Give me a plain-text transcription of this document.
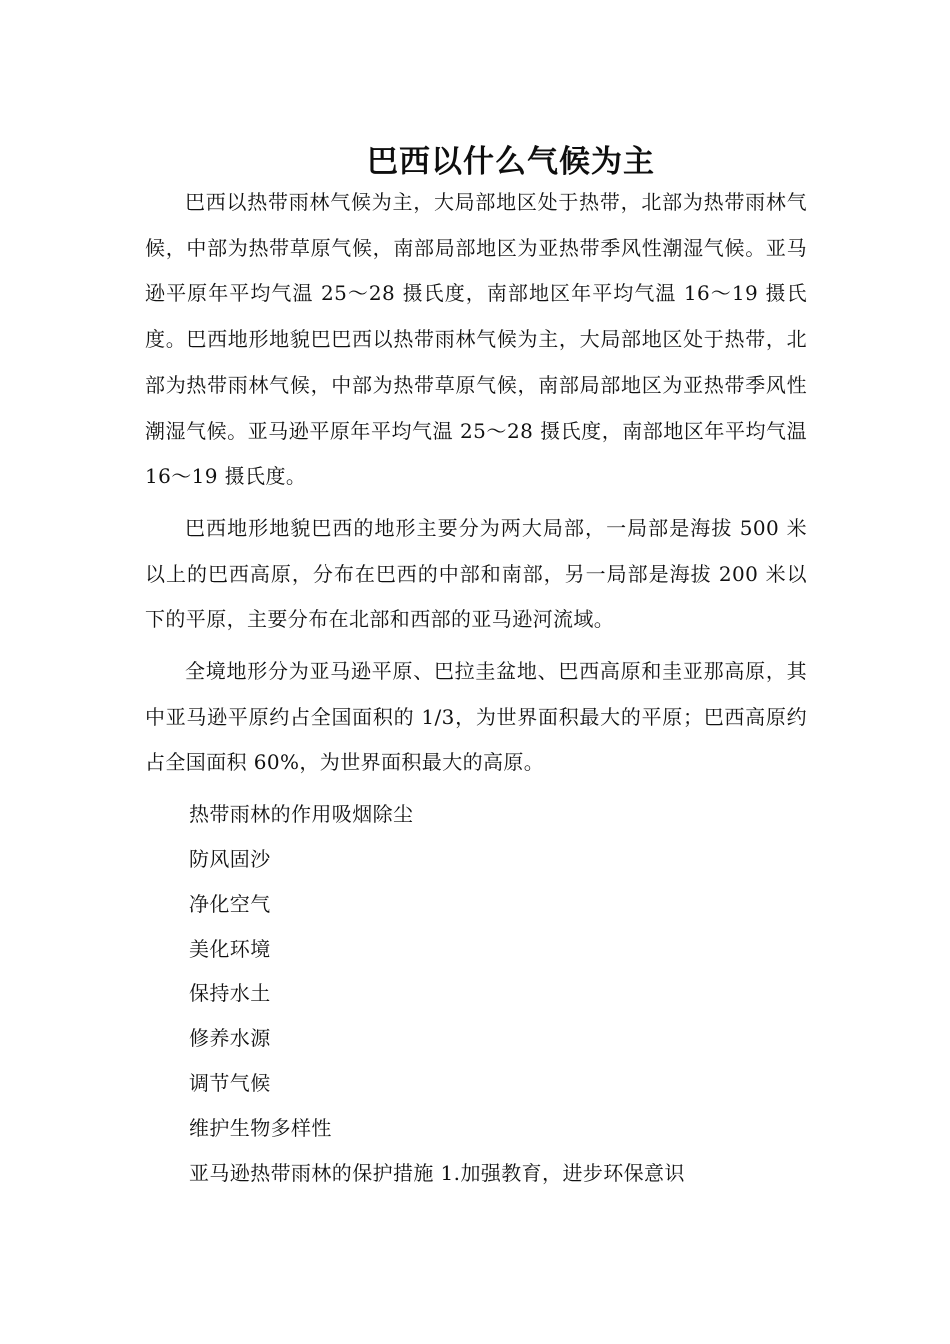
巴西以什么气候为主

巴西以热带雨林气候为主，大局部地区处于热带，北部为热带雨林气候，中部为热带草原气候，南部局部地区为亚热带季风性潮湿气候。亚马逊平原年平均气温 25～28 摄氏度，南部地区年平均气温 16～19 摄氏度。巴西地形地貌巴巴西以热带雨林气候为主，大局部地区处于热带，北部为热带雨林气候，中部为热带草原气候，南部局部地区为亚热带季风性潮湿气候。亚马逊平原年平均气温 25～28 摄氏度，南部地区年平均气温 16～19 摄氏度。

巴西地形地貌巴西的地形主要分为两大局部，一局部是海拔 500 米以上的巴西高原，分布在巴西的中部和南部，另一局部是海拔 200 米以下的平原，主要分布在北部和西部的亚马逊河流域。

全境地形分为亚马逊平原、巴拉圭盆地、巴西高原和圭亚那高原，其中亚马逊平原约占全国面积的 1/3，为世界面积最大的平原；巴西高原约占全国面积 60%，为世界面积最大的高原。

热带雨林的作用吸烟除尘
防风固沙
净化空气
美化环境
保持水土
修养水源
调节气候
维护生物多样性
亚马逊热带雨林的保护措施 1.加强教育，进步环保意识
